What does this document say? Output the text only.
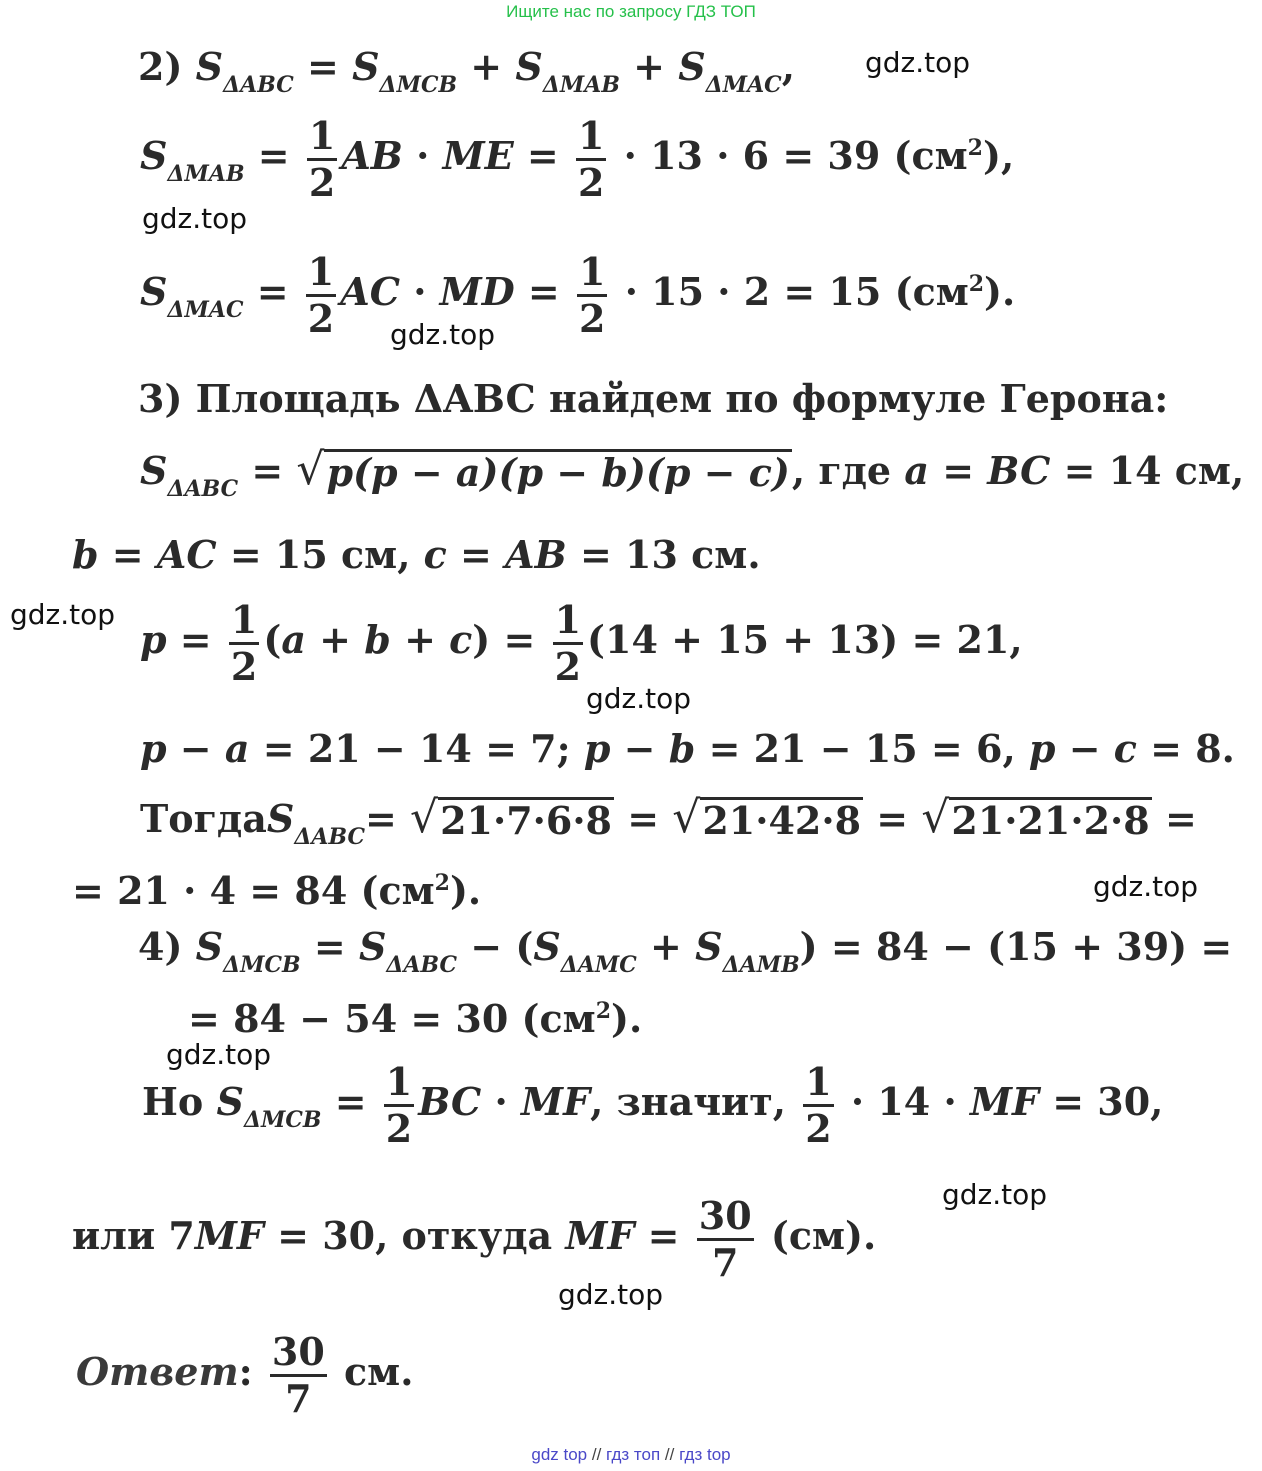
Ищите нас по запросу ГДЗ ТОП
2) $S_{\Delta ABC} = S_{\Delta MCB} + S_{\Delta MAB} + S_{\Delta MAC}$,
$S_{\Delta MAB} = \frac{1}{2}$ AB · ME = $\frac{1}{2} \cdot 13 \cdot 6 = 39$ $(см^2)$,
$S_{\Delta MAC} = \frac{1}{2}$ AC · MD = $\frac{1}{2} \cdot 15 \cdot 2 = 15$ $(см^2)$.
3) Площадь ΔABC найдем по формуле Герона:
$S_{\Delta ABC}$ = √ p(p − a)(p − b)(p − c) , где a = BC = 14 см,
b = AC = 15 см, c = AB = 13 см.
$p = \frac{1}{2} (a + b + c) = \frac{1}{2} (14 + 15 + 13) = 21$,
p − a = 21 − 14 = 7; p − b = 21 − 15 = 6, p − c = 8.
ТогдаS$_{\Delta ABC}$= √ 21·7·6·8 = √ 21·42·8 = √ 21·21·2·8 =
= 21 · 4 = 84 $(см^2)$.
4) $S_{\Delta MCB} = S_{\Delta ABC} - (S_{\Delta AMC} + S_{\Delta AMB}) = 84 - (15 + 39)$ =
= 84 − 54 = 30 $(см^2)$.
Но $S_{\Delta MCB} = \frac{1}{2}$ BC · MF, значит, $\frac{1}{2} \cdot 14$ · MF = 30,
или 7MF = 30, откуда MF = $\frac{30}{7} (см)$.
Ответ: $\frac{30}{7}$ см.
gdz.top
gdz.top
gdz.top
gdz.top
gdz.top
gdz.top
gdz.top
gdz.top
gdz.top
gdz top // гдз топ // гдз top
